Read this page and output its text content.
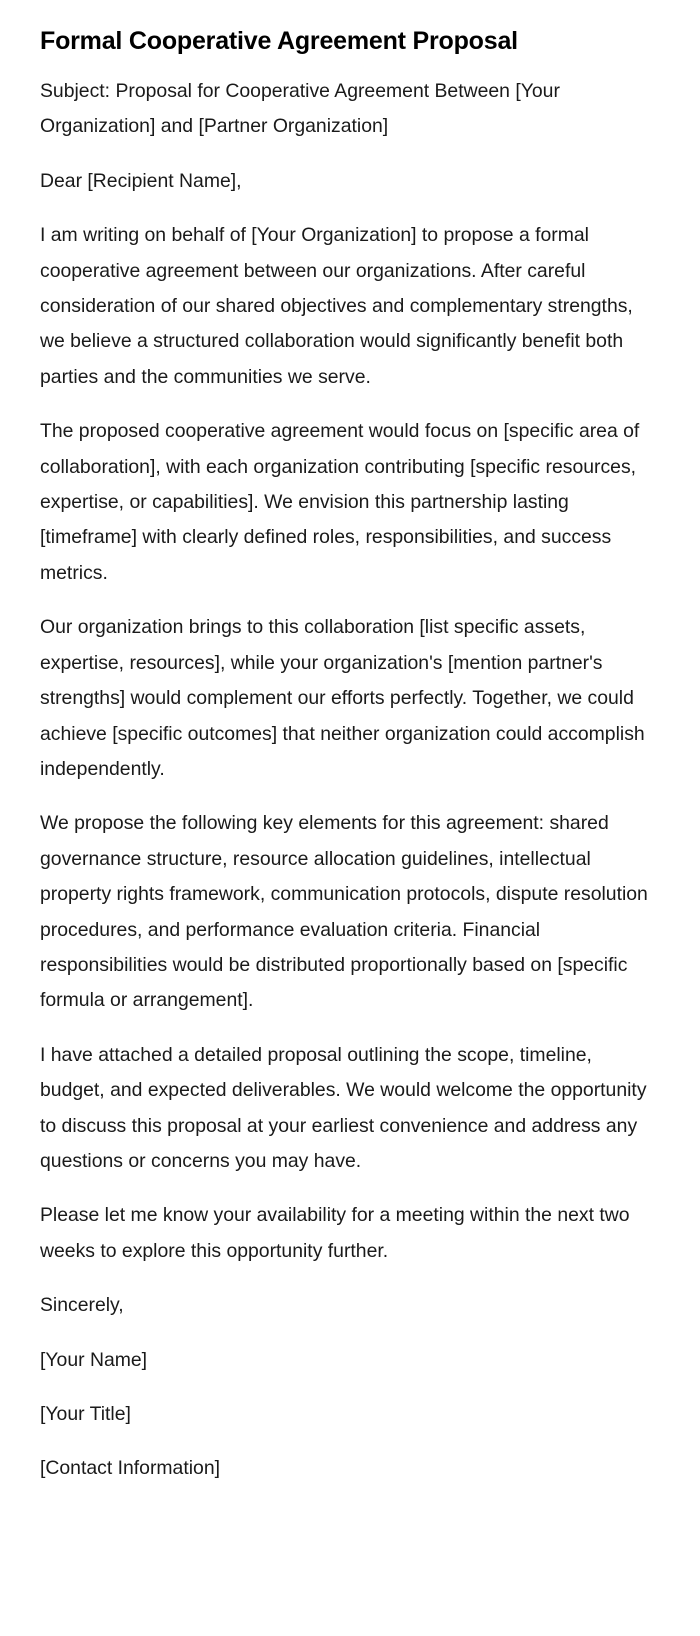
Formal Cooperative Agreement Proposal

Subject: Proposal for Cooperative Agreement Between [Your Organization] and [Partner Organization]

Dear [Recipient Name],

I am writing on behalf of [Your Organization] to propose a formal cooperative agreement between our organizations. After careful consideration of our shared objectives and complementary strengths, we believe a structured collaboration would significantly benefit both parties and the communities we serve.

The proposed cooperative agreement would focus on [specific area of collaboration], with each organization contributing [specific resources, expertise, or capabilities]. We envision this partnership lasting [timeframe] with clearly defined roles, responsibilities, and success metrics.

Our organization brings to this collaboration [list specific assets, expertise, resources], while your organization's [mention partner's strengths] would complement our efforts perfectly. Together, we could achieve [specific outcomes] that neither organization could accomplish independently.

We propose the following key elements for this agreement: shared governance structure, resource allocation guidelines, intellectual property rights framework, communication protocols, dispute resolution procedures, and performance evaluation criteria. Financial responsibilities would be distributed proportionally based on [specific formula or arrangement].

I have attached a detailed proposal outlining the scope, timeline, budget, and expected deliverables. We would welcome the opportunity to discuss this proposal at your earliest convenience and address any questions or concerns you may have.

Please let me know your availability for a meeting within the next two weeks to explore this opportunity further.

Sincerely,

[Your Name]

[Your Title]

[Contact Information]
